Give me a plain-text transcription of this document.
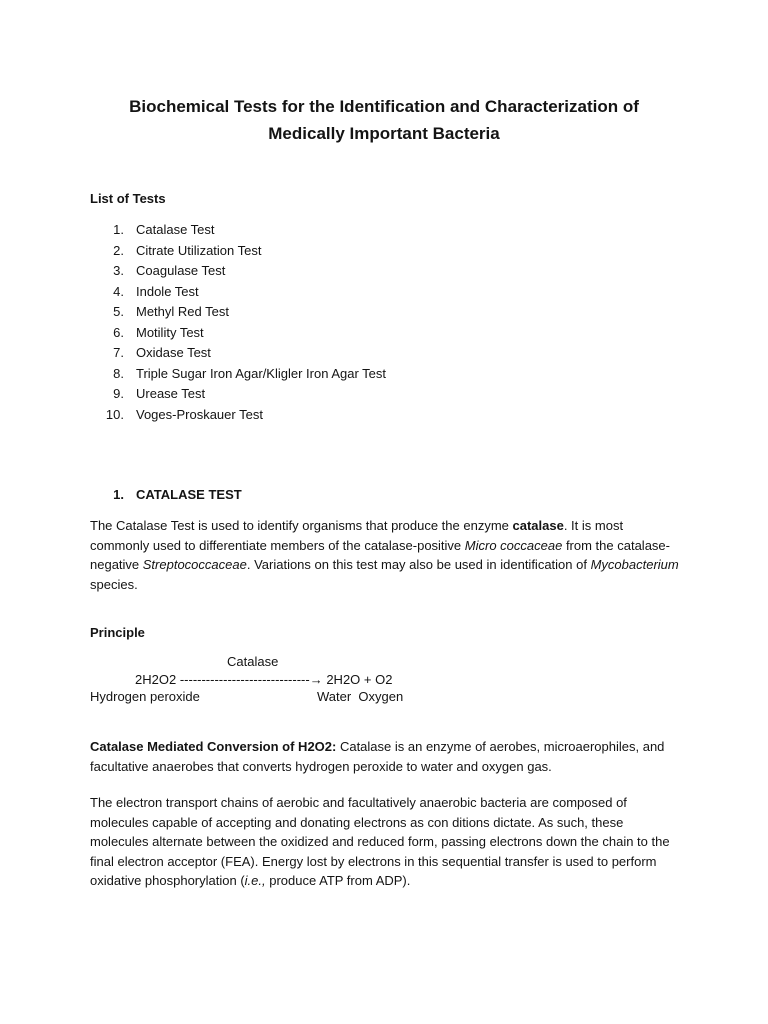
Biochemical Tests for the Identification and Characterization of
Medically Important Bacteria
List of Tests
1. Catalase Test
2. Citrate Utilization Test
3. Coagulase Test
4. Indole Test
5. Methyl Red Test
6. Motility Test
7. Oxidase Test
8. Triple Sugar Iron Agar/Kligler Iron Agar Test
9. Urease Test
10. Voges-Proskauer Test
1. CATALASE TEST

The Catalase Test is used to identify organisms that produce the enzyme catalase. It is most commonly used to differentiate members of the catalase-positive Micro coccaceae from the catalase-negative Streptococcaceae. Variations on this test may also be used in identification of Mycobacterium species.

Principle
Catalase
2H2O2 ------------------------------→ 2H2O + O2
Hydrogen peroxide	Water  Oxygen

Catalase Mediated Conversion of H2O2: Catalase is an enzyme of aerobes, microaerophiles, and facultative anaerobes that converts hydrogen peroxide to water and oxygen gas.

The electron transport chains of aerobic and facultatively anaerobic bacteria are composed of molecules capable of accepting and donating electrons as con ditions dictate. As such, these molecules alternate between the oxidized and reduced form, passing electrons down the chain to the final electron acceptor (FEA). Energy lost by electrons in this sequential transfer is used to perform oxidative phosphorylation (i.e., produce ATP from ADP).
